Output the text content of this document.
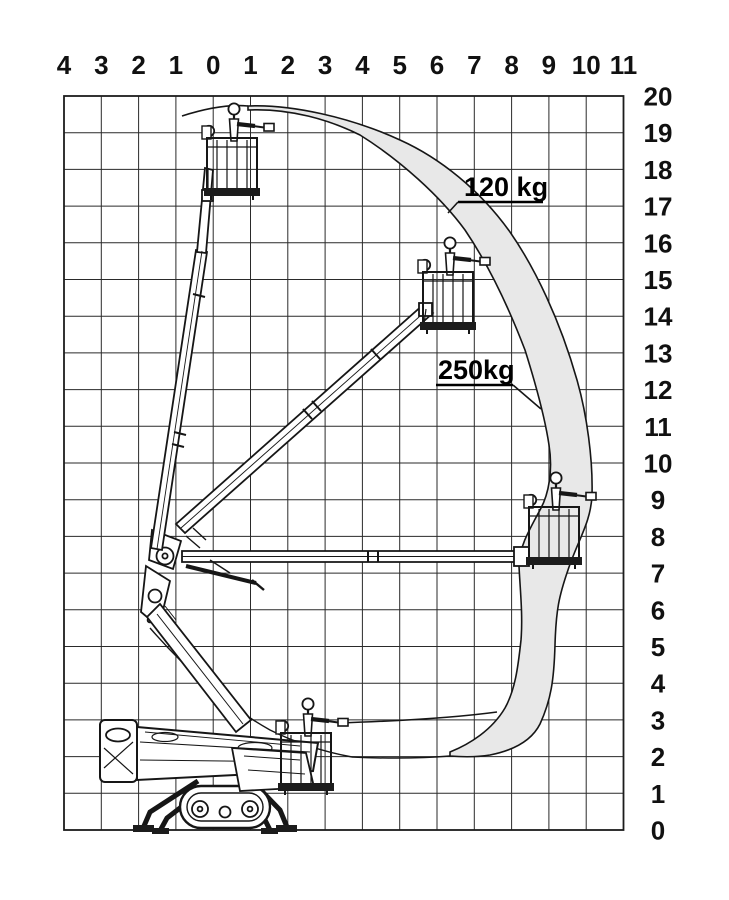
4 3 2 1 0 1 2 3 4 5 6 7 8 9 10 11
20
19
18
17
16
15
14
13
12
11
10
9
8
7
6
5
4
3
2
1
0
120 kg
250kg
